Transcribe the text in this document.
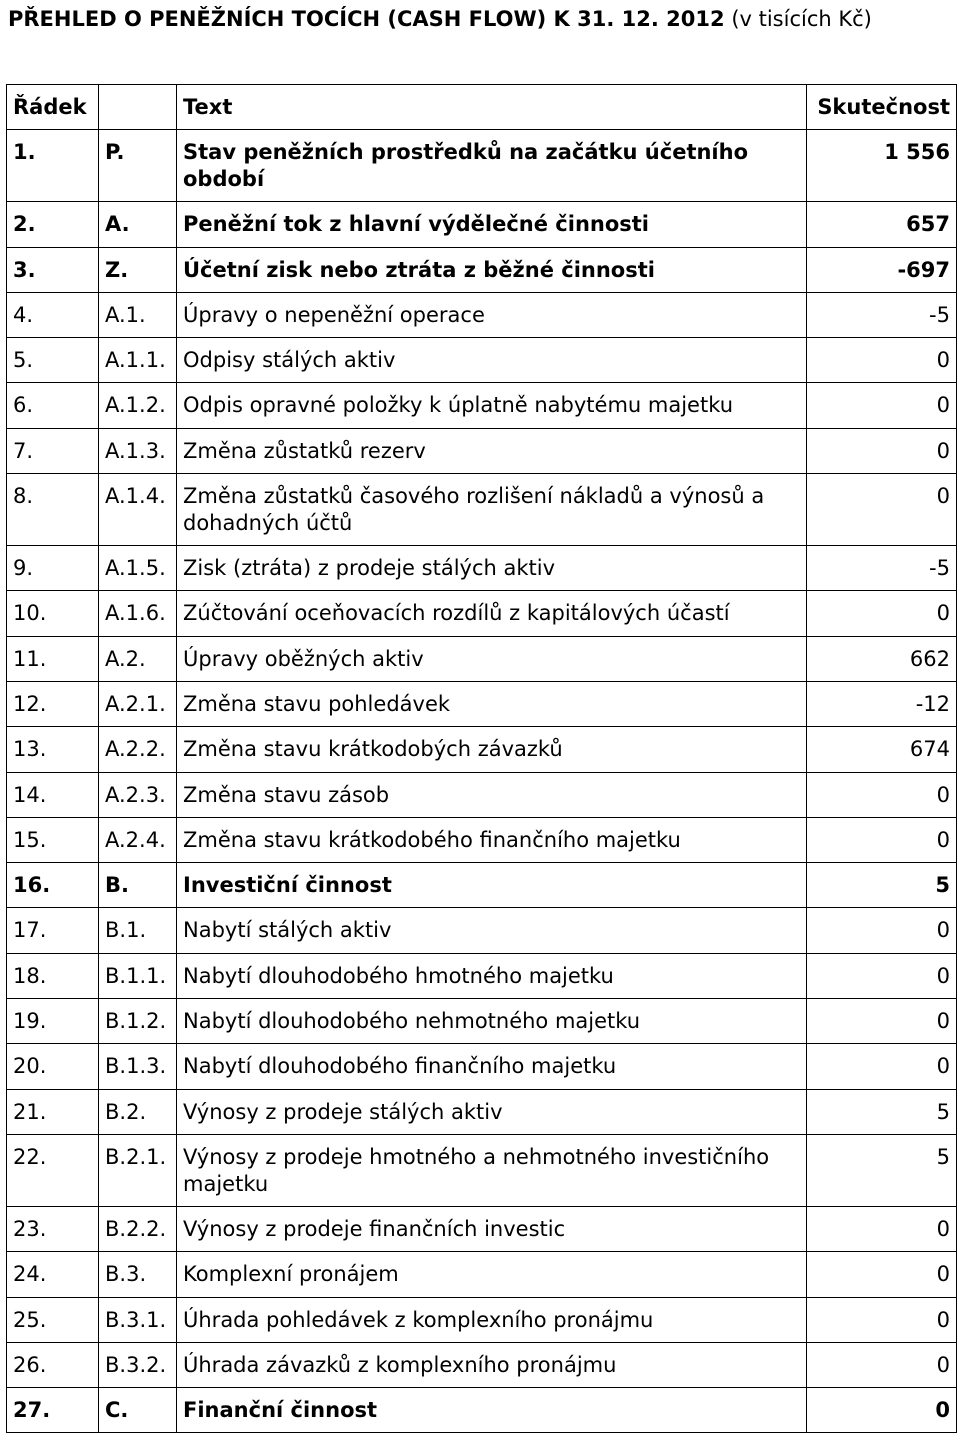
PŘEHLED O PENĚŽNÍCH TOCÍCH (CASH FLOW) K 31. 12. 2012 (v tisících Kč)
Řádek		Text	Skutečnost
1.	P.	Stav peněžních prostředků na začátku účetního období	1 556
2.	A.	Peněžní tok z hlavní výdělečné činnosti	657
3.	Z.	Účetní zisk nebo ztráta z běžné činnosti	-697
4.	A.1.	Úpravy o nepeněžní operace	-5
5.	A.1.1.	Odpisy stálých aktiv	0
6.	A.1.2.	Odpis opravné položky k úplatně nabytému majetku	0
7.	A.1.3.	Změna zůstatků rezerv	0
8.	A.1.4.	Změna zůstatků časového rozlišení nákladů a výnosů a dohadných účtů	0
9.	A.1.5.	Zisk (ztráta) z prodeje stálých aktiv	-5
10.	A.1.6.	Zúčtování oceňovacích rozdílů z kapitálových účastí	0
11.	A.2.	Úpravy oběžných aktiv	662
12.	A.2.1.	Změna stavu pohledávek	-12
13.	A.2.2.	Změna stavu krátkodobých závazků	674
14.	A.2.3.	Změna stavu zásob	0
15.	A.2.4.	Změna stavu krátkodobého finančního majetku	0
16.	B.	Investiční činnost	5
17.	B.1.	Nabytí stálých aktiv	0
18.	B.1.1.	Nabytí dlouhodobého hmotného majetku	0
19.	B.1.2.	Nabytí dlouhodobého nehmotného majetku	0
20.	B.1.3.	Nabytí dlouhodobého finančního majetku	0
21.	B.2.	Výnosy z prodeje stálých aktiv	5
22.	B.2.1.	Výnosy z prodeje hmotného a nehmotného investičního majetku	5
23.	B.2.2.	Výnosy z prodeje finančních investic	0
24.	B.3.	Komplexní pronájem	0
25.	B.3.1.	Úhrada pohledávek z komplexního pronájmu	0
26.	B.3.2.	Úhrada závazků z komplexního pronájmu	0
27.	C.	Finanční činnost	0
